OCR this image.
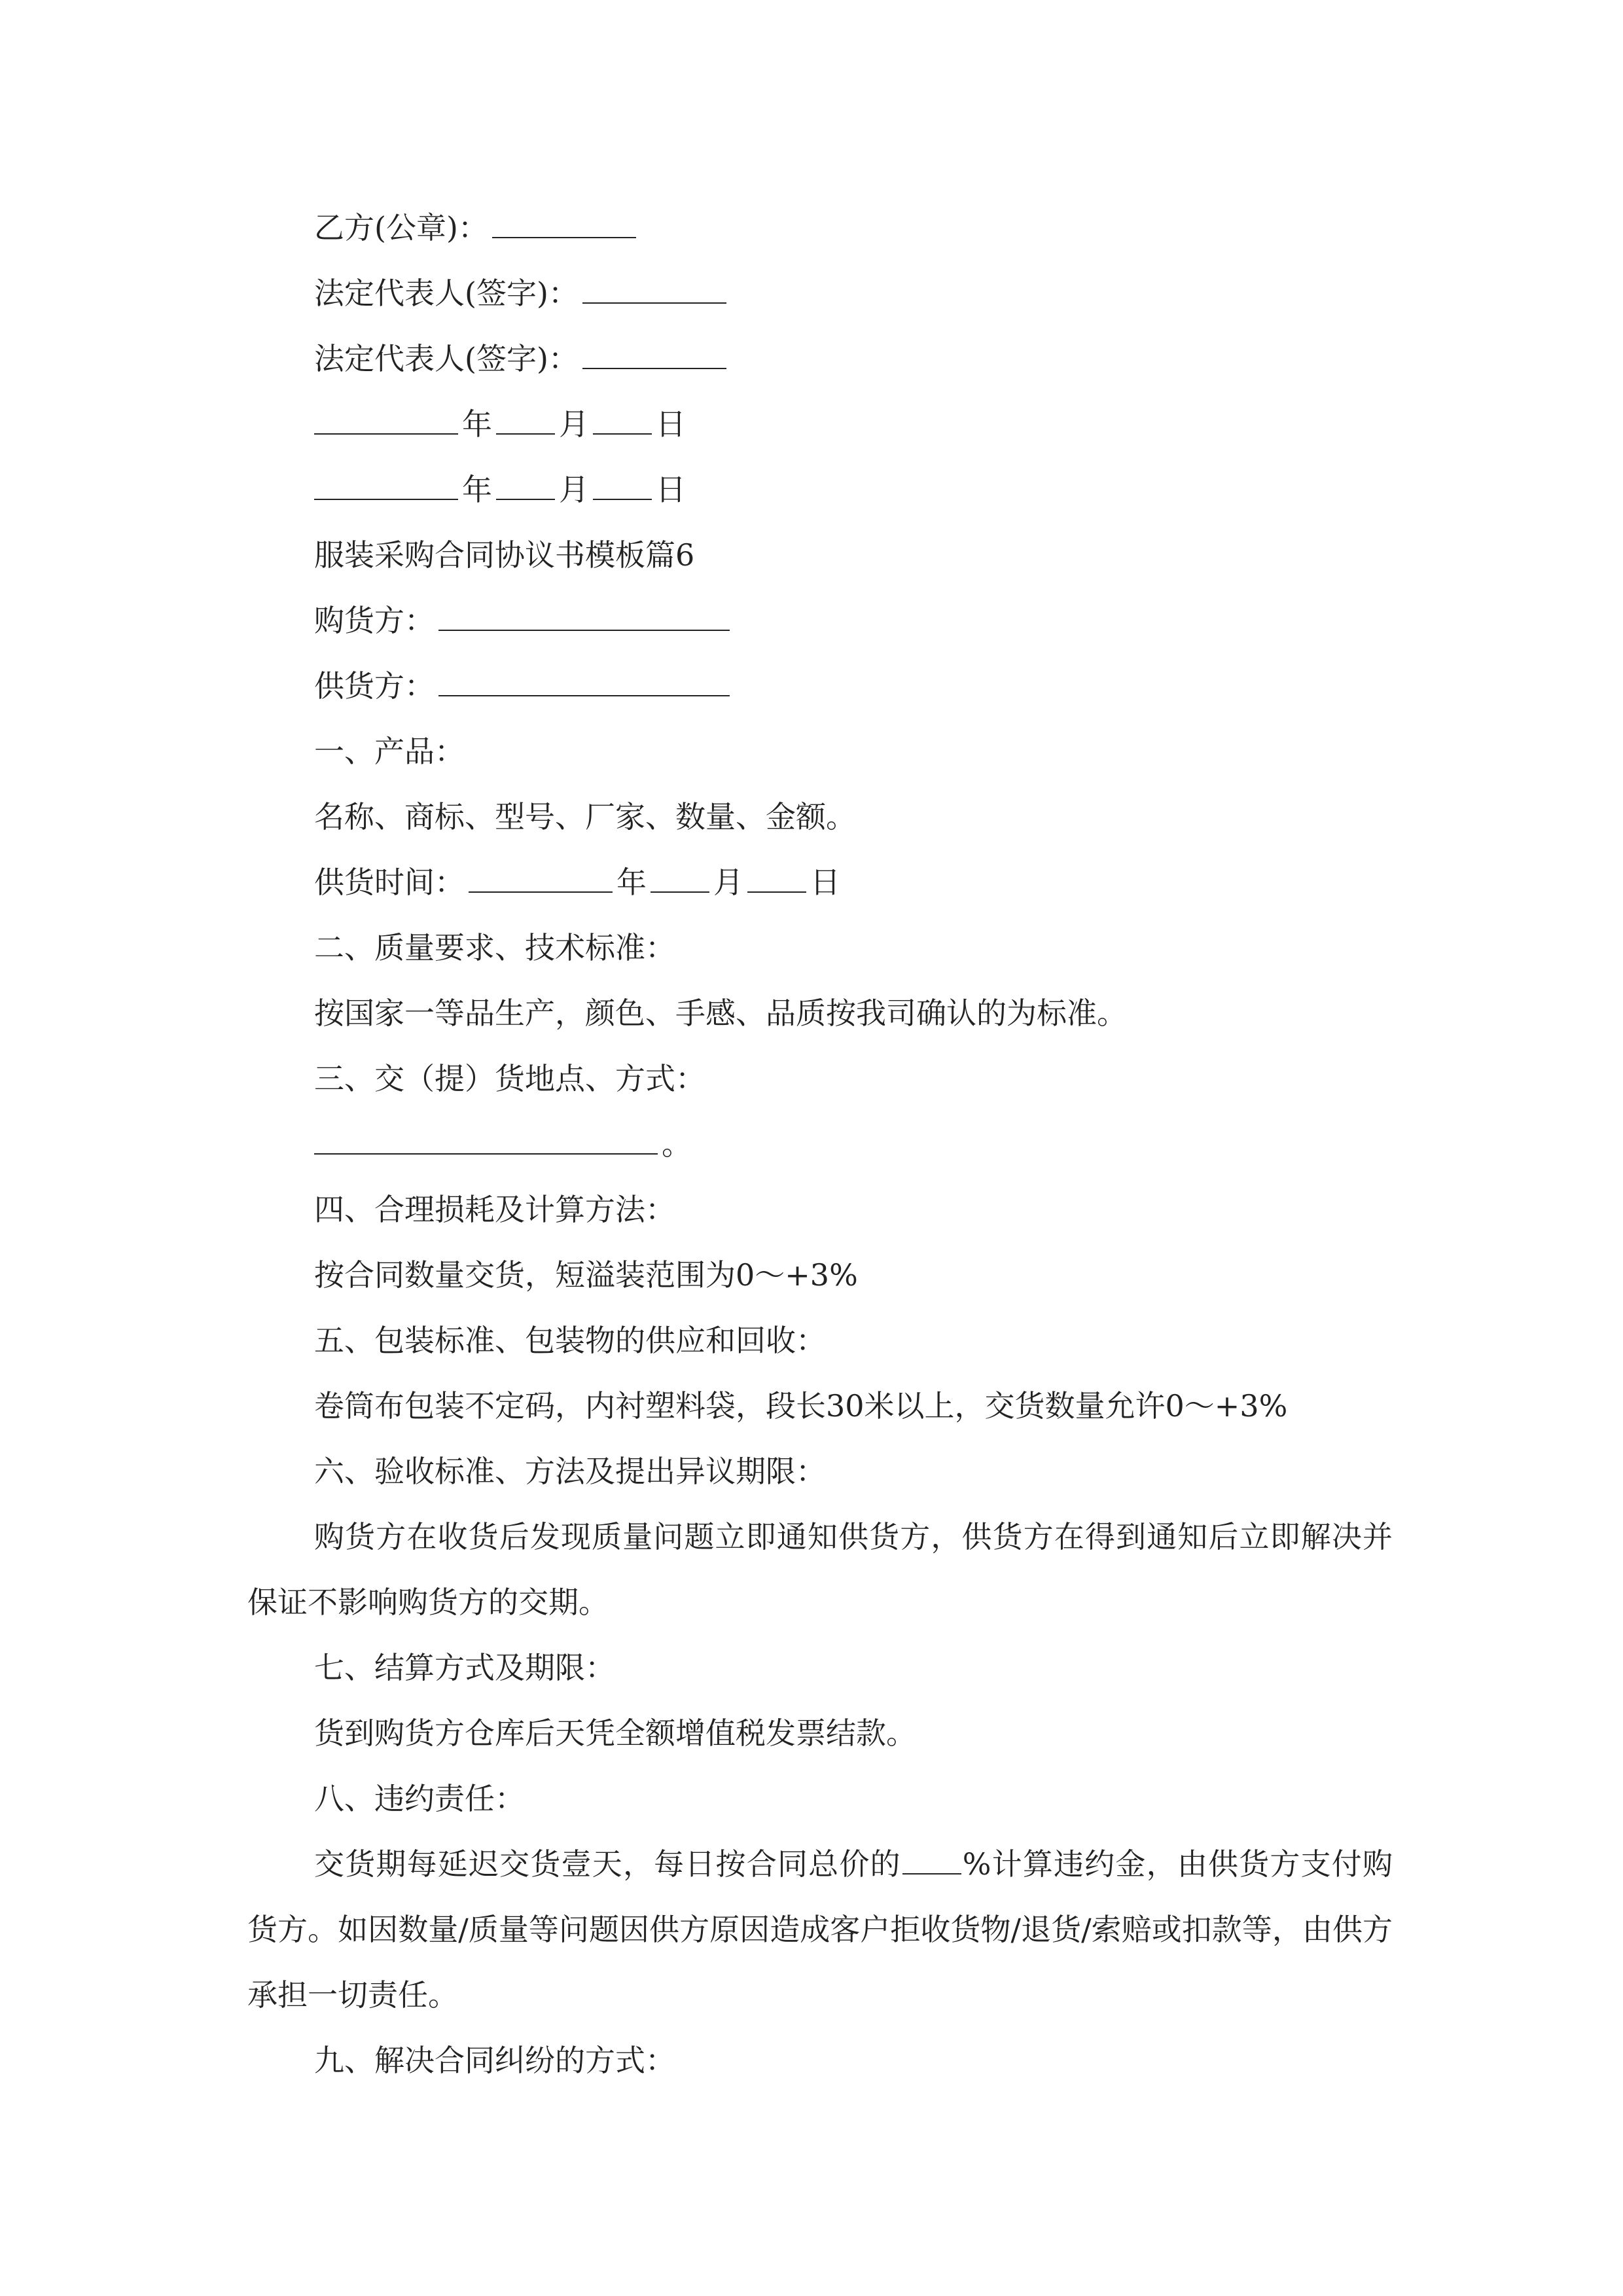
乙方(公章)：
法定代表人(签字)：
法定代表人(签字)：
年 月 日
年 月 日
服装采购合同协议书模板篇6
购货方：
供货方：
一、产品：
名称、商标、型号、厂家、数量、金额。
供货时间：	年 月 日
二、质量要求、技术标准：
按国家一等品生产，颜色、手感、品质按我司确认的为标准。
三、交（提）货地点、方式：
。
四、合理损耗及计算方法：
按合同数量交货，短溢装范围为0～+3%
五、包装标准、包装物的供应和回收：
卷筒布包装不定码，内衬塑料袋，段长30米以上，交货数量允许0～+3%
六、验收标准、方法及提出异议期限：
购货方在收货后发现质量问题立即通知供货方，供货方在得到通知后立即解决并保证不影响购货方的交期。
七、结算方式及期限：
货到购货方仓库后天凭全额增值税发票结款。
八、违约责任：
交货期每延迟交货壹天，每日按合同总价的 %计算违约金，由供货方支付购货方。如因数量/质量等问题因供方原因造成客户拒收货物/退货/索赔或扣款等，由供方承担一切责任。
九、解决合同纠纷的方式：
